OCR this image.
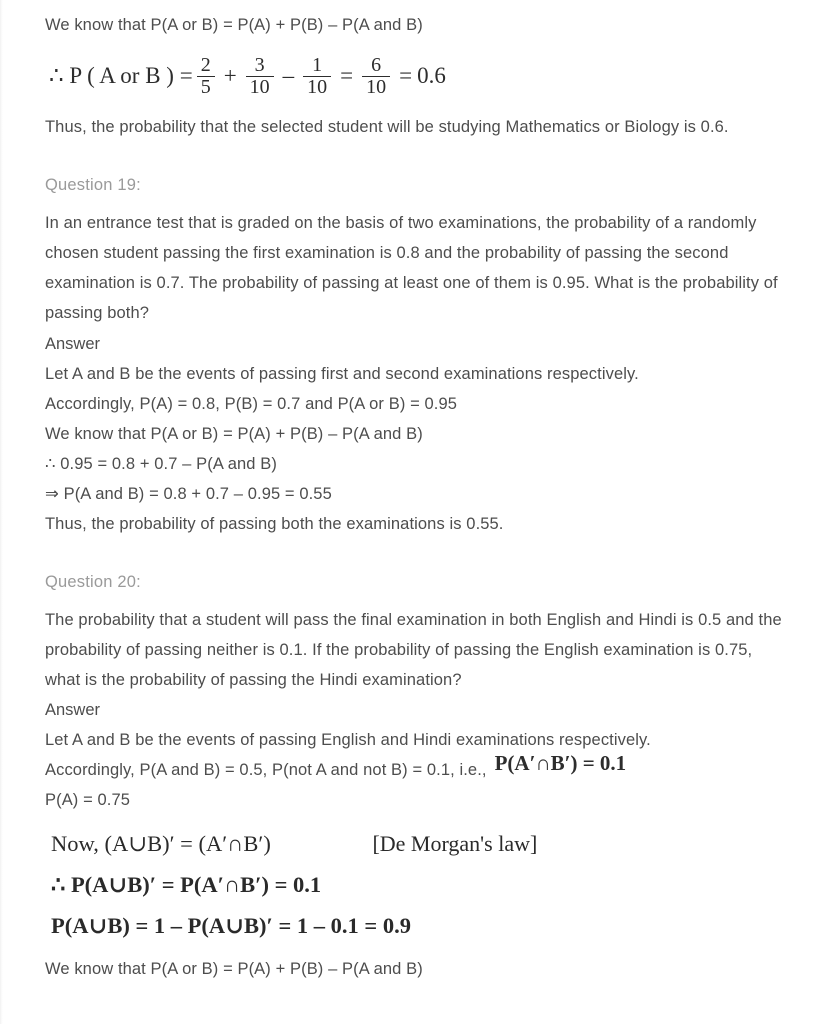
We know that P(A or B) = P(A) + P(B) – P(A and B)
∴ P ( A or B ) = $\frac{2}{5} + \frac{3}{10} - \frac{1}{10} = \frac{6}{10} = 0.6$

Thus, the probability that the selected student will be studying Mathematics or Biology is 0.6.

Question 19:

In an entrance test that is graded on the basis of two examinations, the probability of a randomly chosen student passing the first examination is 0.8 and the probability of passing the second examination is 0.7. The probability of passing at least one of them is 0.95. What is the probability of passing both?

Answer
Let A and B be the events of passing first and second examinations respectively.
Accordingly, P(A) = 0.8, P(B) = 0.7 and P(A or B) = 0.95
We know that P(A or B) = P(A) + P(B) – P(A and B)
∴ 0.95 = 0.8 + 0.7 – P(A and B)
⇒ P(A and B) = 0.8 + 0.7 – 0.95 = 0.55
Thus, the probability of passing both the examinations is 0.55.
Question 20:

The probability that a student will pass the final examination in both English and Hindi is 0.5 and the probability of passing neither is 0.1. If the probability of passing the English examination is 0.75, what is the probability of passing the Hindi examination?

Answer
Let A and B be the events of passing English and Hindi examinations respectively.
Accordingly, P(A and B) = 0.5, P(not A and not B) = 0.1, i.e., P(A′∩B′) = 0.1
P(A) = 0.75
Now, (A∪B)′ = (A′∩B′)	[De Morgan's law]
∴ P(A∪B)′ = P(A′∩B′) = 0.1
P(A∪B) = 1 – P(A∪B)′ = 1 – 0.1 = 0.9
We know that P(A or B) = P(A) + P(B) – P(A and B)
